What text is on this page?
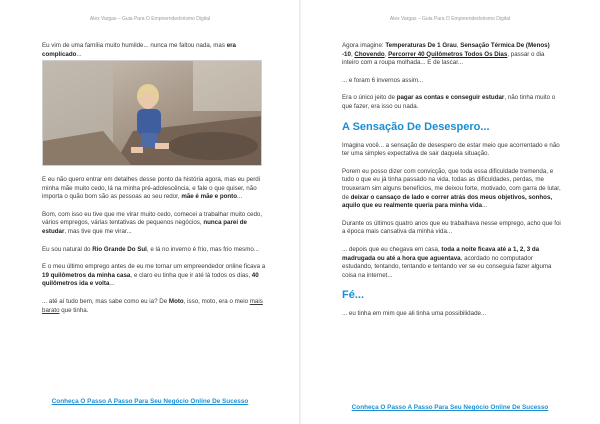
Alex Vargas – Guia Para O Empreendedorismo Digital

Eu vim de uma família muito humilde... nunca me faltou nada, mas era complicado...

E eu não quero entrar em detalhes desse ponto da história agora, mas eu perdi minha mãe muito cedo, lá na minha pré-adolescência, e fale o que quiser, não importa o quão bom são as pessoas ao seu redor, mãe é mãe e ponto...

Bom, com isso eu tive que me virar muito cedo, comecei a trabalhar muito cedo, vários empregos, várias tentativas de pequenos negócios, nunca parei de estudar, mas tive que me virar...

Eu sou natural do Rio Grande Do Sul, e lá no inverno é frio, mas frio mesmo...

E o meu último emprego antes de eu me tornar um empreendedor online ficava a 19 quilômetros da minha casa, e claro eu tinha que ir até lá todos os dias, 40 quilômetros ida e volta...

... até aí tudo bem, mas sabe como eu ia? De Moto, isso, moto, era o meio mais barato que tinha.

Conheça O Passo A Passo Para Seu Negócio Online De Sucesso
Alex Vargas – Guia Para O Empreendedorismo Digital

Agora imagine: Temperaturas De 1 Grau, Sensação Térmica De (Menos) -10, Chovendo, Percorrer 40 Quilômetros Todos Os Dias, passar o dia inteiro com a roupa molhada... E de lascar...

... e foram 6 invernos assim...

Era o único jeito de pagar as contas e conseguir estudar, não tinha muito o que fazer, era isso ou nada.

A Sensação De Desespero...

Imagina você... a sensação de desespero de estar meio que acorrentado e não ter uma simples expectativa de sair daquela situação.

Porem eu posso dizer com convicção, que toda essa dificuldade tremenda, e tudo o que eu já tinha passado na vida, todas as dificuldades, perdas, me trouxeram sim alguns benefícios, me deixou forte, motivado, com garra de lutar, de deixar o cansaço de lado e correr atrás dos meus objetivos, sonhos, aquilo que eu realmente queria para minha vida...

Durante os últimos quatro anos que eu trabalhava nesse emprego, acho que foi a época mais cansativa da minha vida...

... depois que eu chegava em casa, toda a noite ficava até a 1, 2, 3 da madrugada ou até a hora que aguentava, acordado no computador estudando, tentando, tentando e tentando ver se eu conseguia fazer alguma coisa na internet...

Fé...

... eu tinha em mim que ali tinha uma possibilidade...

Conheça O Passo A Passo Para Seu Negócio Online De Sucesso
